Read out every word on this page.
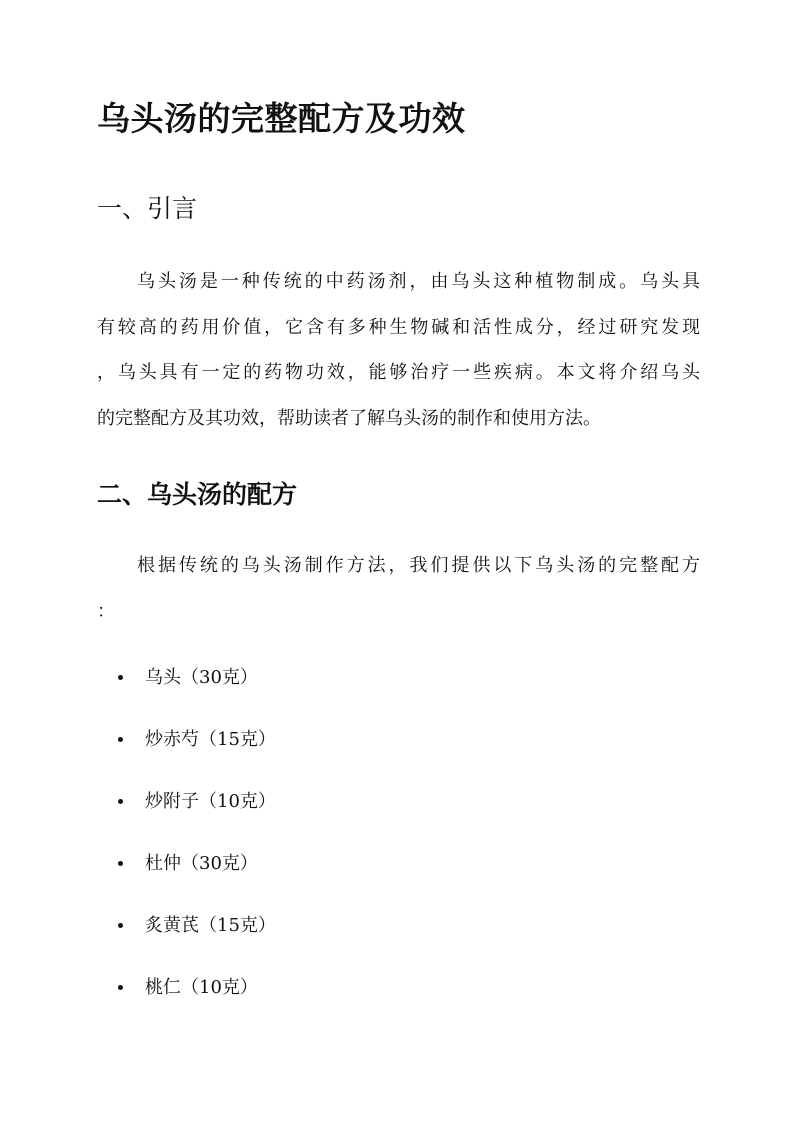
乌头汤的完整配方及功效
一、引言
乌头汤是一种传统的中药汤剂，由乌头这种植物制成。乌头具
有较高的药用价值，它含有多种生物碱和活性成分，经过研究发现
，乌头具有一定的药物功效，能够治疗一些疾病。本文将介绍乌头
的完整配方及其功效，帮助读者了解乌头汤的制作和使用方法。
二、乌头汤的配方
根据传统的乌头汤制作方法，我们提供以下乌头汤的完整配方
：
乌头（30克）
炒赤芍（15克）
炒附子（10克）
杜仲（30克）
炙黄芪（15克）
桃仁（10克）
